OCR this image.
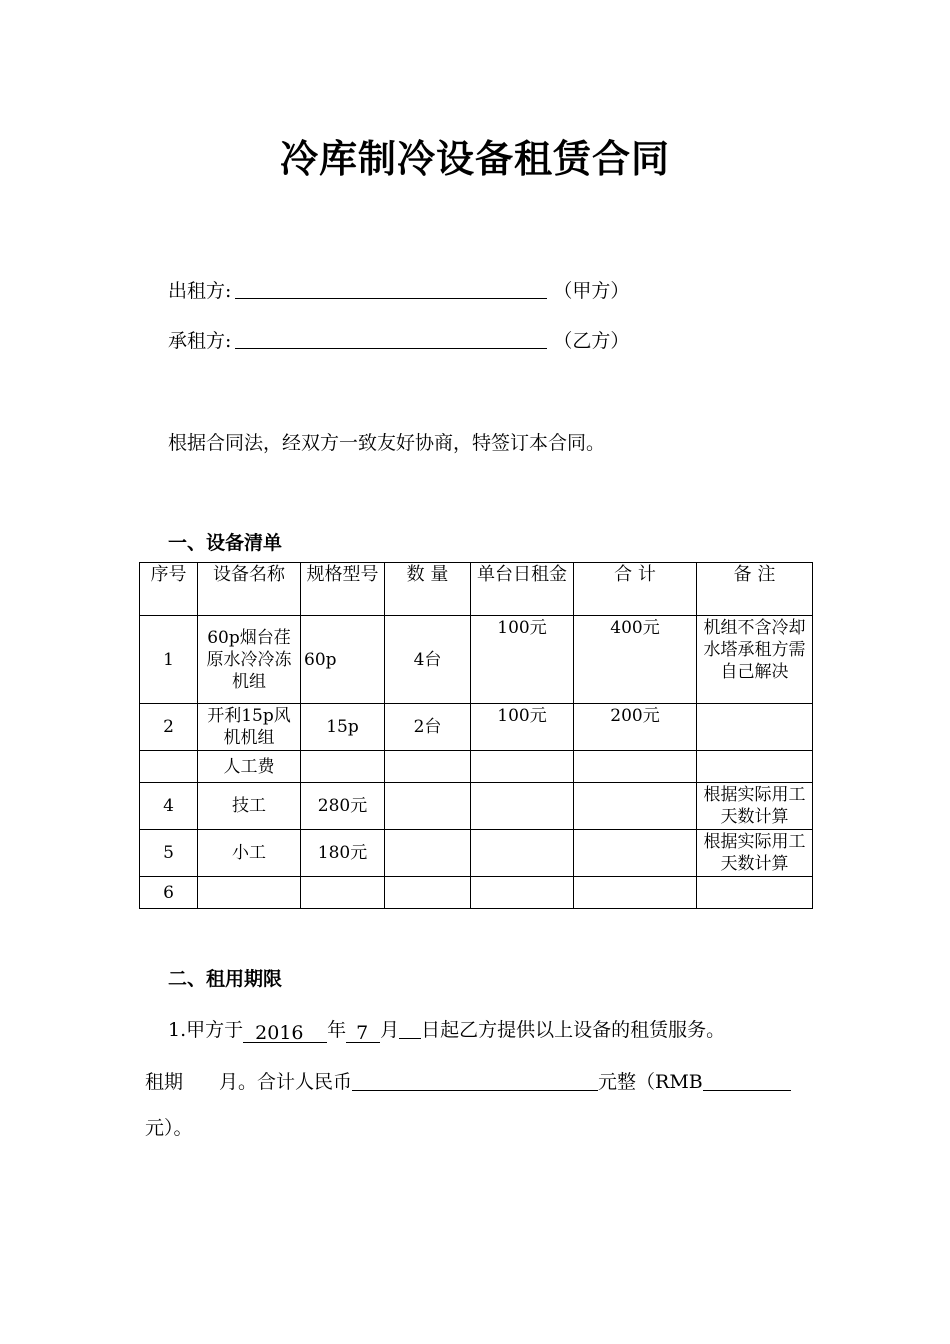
冷库制冷设备租赁合同
出租方:	（甲方）
承租方:	（乙方）
根据合同法，经双方一致友好协商，特签订本合同。
一、设备清单
序号	设备名称	规格型号	数 量	单台日租金	合 计	备 注
1	60p烟台荏原水冷冷冻机组	60p	4台	100元	400元	机组不含冷却水塔承租方需自己解决
2	开利15p风机机组	15p	2台	100元	200元	
	人工费					
4	技工	280元				根据实际用工天数计算
5	小工	180元				根据实际用工天数计算
6						
二、租用期限
1.甲方于 2016 年 7 月 日起乙方提供以上设备的租赁服务。
租期 月。合计人民币	元整（RMB
元）。
